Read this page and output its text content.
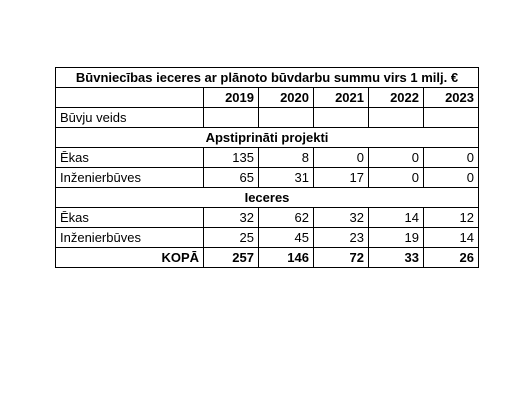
Būvniecības ieceres ar plānoto būvdarbu summu virs 1 milj. €					
	2019	2020	2021	2022	2023
Būvju veids					
Apstiprināti projekti					
Ēkas	135	8	0	0	0
Inženierbūves	65	31	17	0	0
Ieceres					
Ēkas	32	62	32	14	12
Inženierbūves	25	45	23	19	14
KOPĀ	257	146	72	33	26
